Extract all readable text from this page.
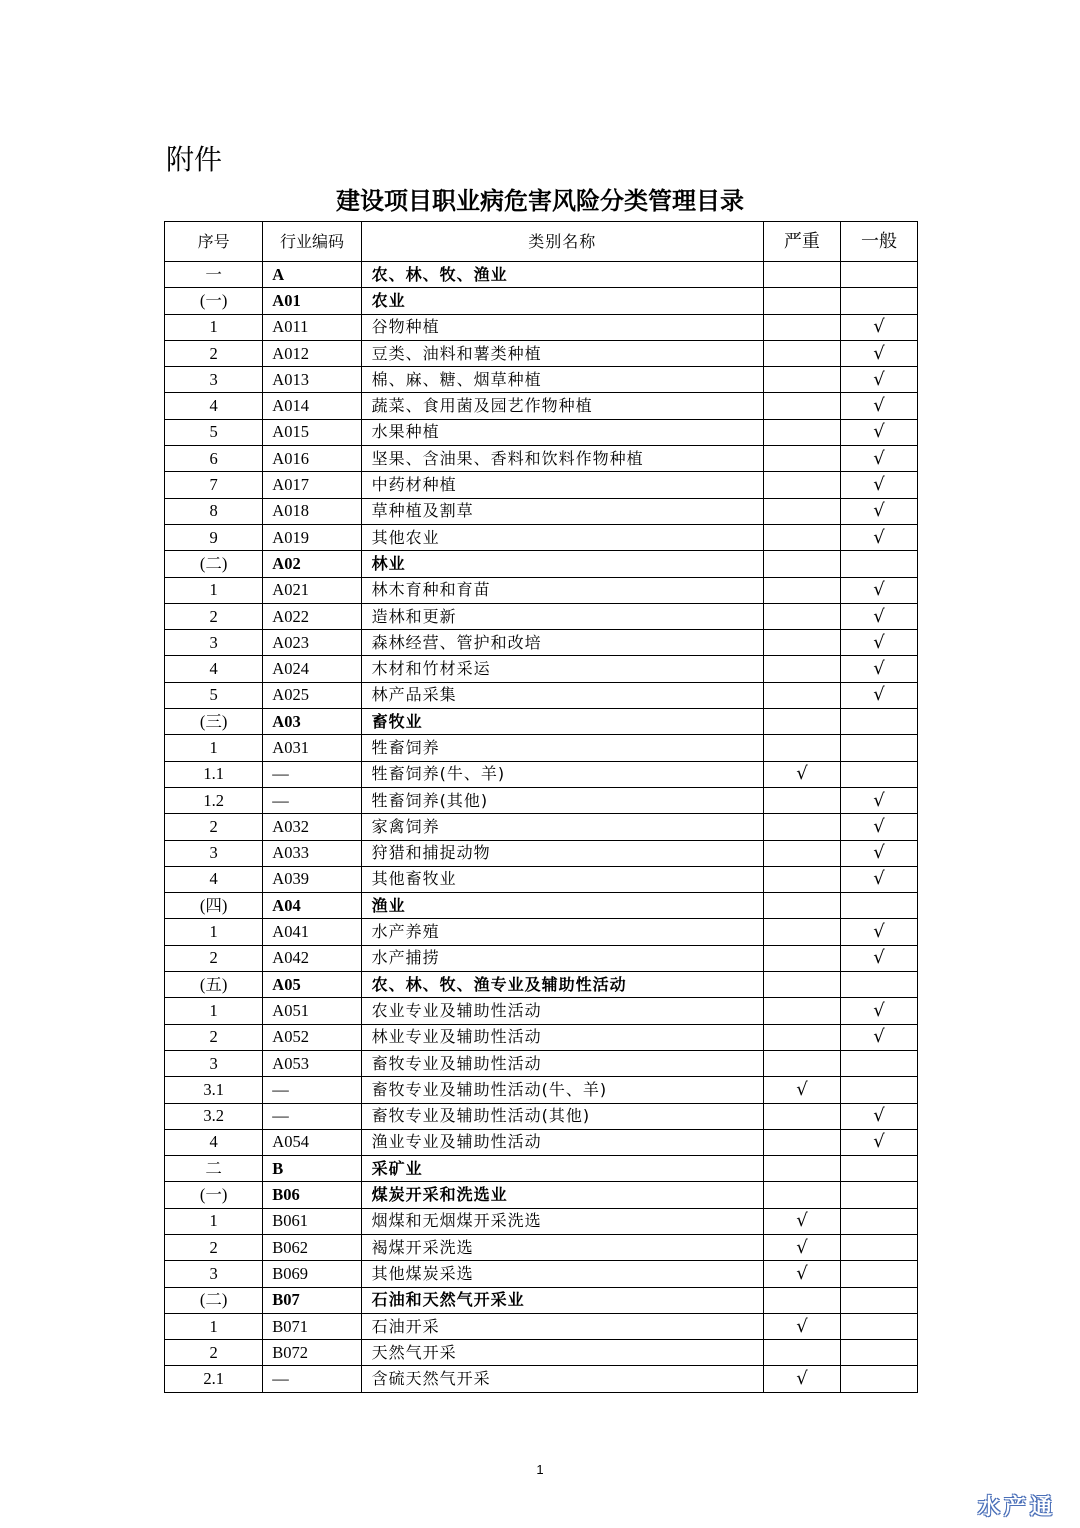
附件
建设项目职业病危害风险分类管理目录
序号	行业编码	类别名称	严重	一般
一	A	农、林、牧、渔业		
(一)	A01	农业		
1	A011	谷物种植		√
2	A012	豆类、油料和薯类种植		√
3	A013	棉、麻、糖、烟草种植		√
4	A014	蔬菜、食用菌及园艺作物种植		√
5	A015	水果种植		√
6	A016	坚果、含油果、香料和饮料作物种植		√
7	A017	中药材种植		√
8	A018	草种植及割草		√
9	A019	其他农业		√
(二)	A02	林业		
1	A021	林木育种和育苗		√
2	A022	造林和更新		√
3	A023	森林经营、管护和改培		√
4	A024	木材和竹材采运		√
5	A025	林产品采集		√
(三)	A03	畜牧业		
1	A031	牲畜饲养		
1.1	—	牲畜饲养(牛、羊)	√	
1.2	—	牲畜饲养(其他)		√
2	A032	家禽饲养		√
3	A033	狩猎和捕捉动物		√
4	A039	其他畜牧业		√
(四)	A04	渔业		
1	A041	水产养殖		√
2	A042	水产捕捞		√
(五)	A05	农、林、牧、渔专业及辅助性活动		
1	A051	农业专业及辅助性活动		√
2	A052	林业专业及辅助性活动		√
3	A053	畜牧专业及辅助性活动		
3.1	—	畜牧专业及辅助性活动(牛、羊)	√	
3.2	—	畜牧专业及辅助性活动(其他)		√
4	A054	渔业专业及辅助性活动		√
二	B	采矿业		
(一)	B06	煤炭开采和洗选业		
1	B061	烟煤和无烟煤开采洗选	√	
2	B062	褐煤开采洗选	√	
3	B069	其他煤炭采选	√	
(二)	B07	石油和天然气开采业		
1	B071	石油开采	√	
2	B072	天然气开采		
2.1	—	含硫天然气开采	√	
1
水产通
